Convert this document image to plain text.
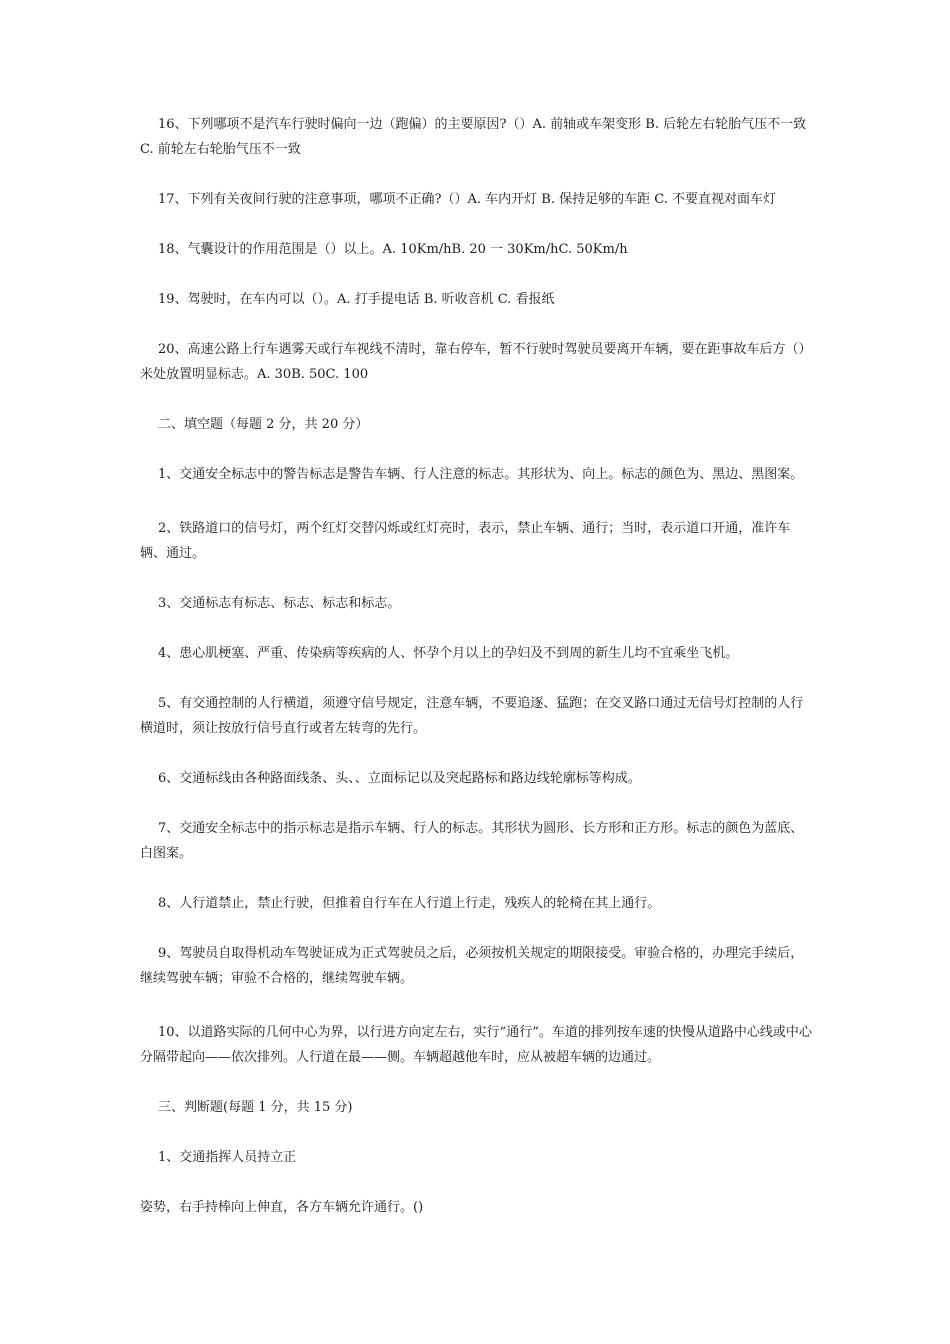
16、下列哪项不是汽车行驶时偏向一边（跑偏）的主要原因?（）A. 前轴或车架变形 B. 后轮左右轮胎气压不一致 C. 前轮左右轮胎气压不一致

17、下列有关夜间行驶的注意事项，哪项不正确?（）A. 车内开灯 B. 保持足够的车距 C. 不要直视对面车灯

18、气囊设计的作用范围是（）以上。A. 10Km/hB. 20 一 30Km/hC. 50Km/h

19、驾驶时，在车内可以（）。A. 打手提电话 B. 听收音机 C. 看报纸

20、高速公路上行车遇雾天或行车视线不清时，靠右停车，暂不行驶时驾驶员要离开车辆，要在距事故车后方（）米处放置明显标志。A. 30B. 50C. 100

二、填空题（每题 2 分，共 20 分）

1、交通安全标志中的警告标志是警告车辆、行人注意的标志。其形状为、向上。标志的颜色为、黑边、黑图案。

2、铁路道口的信号灯，两个红灯交替闪烁或红灯亮时，表示，禁止车辆、通行；当时，表示道口开通，准许车辆、通过。

3、交通标志有标志、标志、标志和标志。

4、患心肌梗塞、严重、传染病等疾病的人、怀孕个月以上的孕妇及不到周的新生儿均不宜乘坐飞机。

5、有交通控制的人行横道，须遵守信号规定，注意车辆，不要追逐、猛跑；在交叉路口通过无信号灯控制的人行横道时，须让按放行信号直行或者左转弯的先行。

6、交通标线由各种路面线条、头、、立面标记以及突起路标和路边线轮廓标等构成。

7、交通安全标志中的指示标志是指示车辆、行人的标志。其形状为圆形、长方形和正方形。标志的颜色为蓝底、白图案。

8、人行道禁止，禁止行驶，但推着自行车在人行道上行走，残疾人的轮椅在其上通行。

9、驾驶员自取得机动车驾驶证成为正式驾驶员之后，必须按机关规定的期限接受。审验合格的，办理完手续后，继续驾驶车辆；审验不合格的，继续驾驶车辆。

10、以道路实际的几何中心为界，以行进方向定左右，实行“通行”。车道的排列按车速的快慢从道路中心线或中心分隔带起向——依次排列。人行道在最——侧。车辆超越他车时，应从被超车辆的边通过。

三、判断题(每题 1 分，共 15 分)

1、交通指挥人员持立正

姿势，右手持棒向上伸直，各方车辆允许通行。()
